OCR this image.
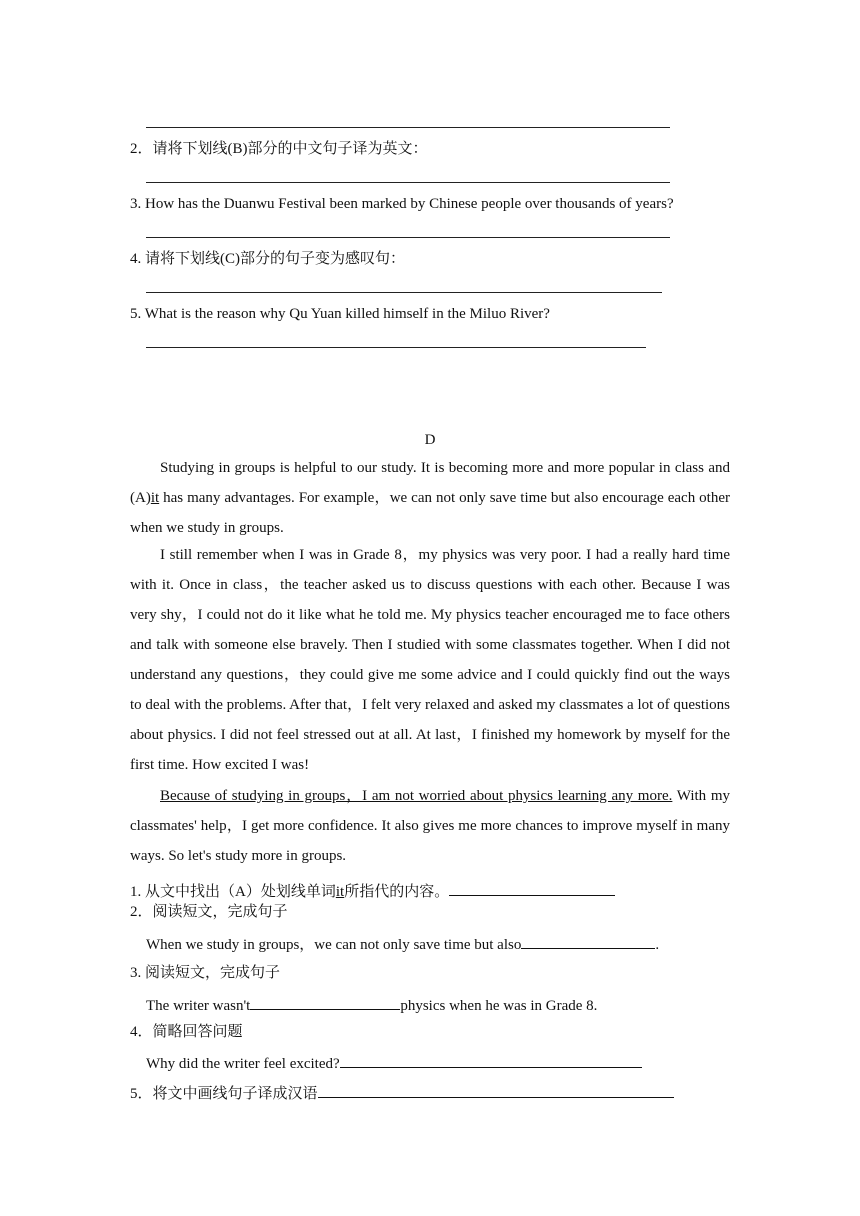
2．请将下划线(B)部分的中文句子译为英文：
3. How has the Duanwu Festival been marked by Chinese people over thousands of years?
4. 请将下划线(C)部分的句子变为感叹句：
5. What is the reason why Qu Yuan killed himself in the Miluo River?
D
Studying in groups is helpful to our study. It is becoming more and more popular in class and (A)it has many advantages. For example，we can not only save time but also encourage each other when we study in groups.
I still remember when I was in Grade 8，my physics was very poor. I had a really hard time with it. Once in class，the teacher asked us to discuss questions with each other. Because I was very shy，I could not do it like what he told me. My physics teacher encouraged me to face others and talk with someone else bravely. Then I studied with some classmates together. When I did not understand any questions，they could give me some advice and I could quickly find out the ways to deal with the problems. After that，I felt very relaxed and asked my classmates a lot of questions about physics. I did not feel stressed out at all. At last，I finished my homework by myself for the first time. How excited I was!
Because of studying in groups，I am not worried about physics learning any more. With my classmates' help，I get more confidence. It also gives me more chances to improve myself in many ways. So let's study more in groups.
1. 从文中找出（A）处划线单词it所指代的内容。
2．阅读短文，完成句子
When we study in groups，we can not only save time but also	.
3. 阅读短文，完成句子
The writer wasn't	physics when he was in Grade 8.
4．简略回答问题
Why did the writer feel excited?
5．将文中画线句子译成汉语
